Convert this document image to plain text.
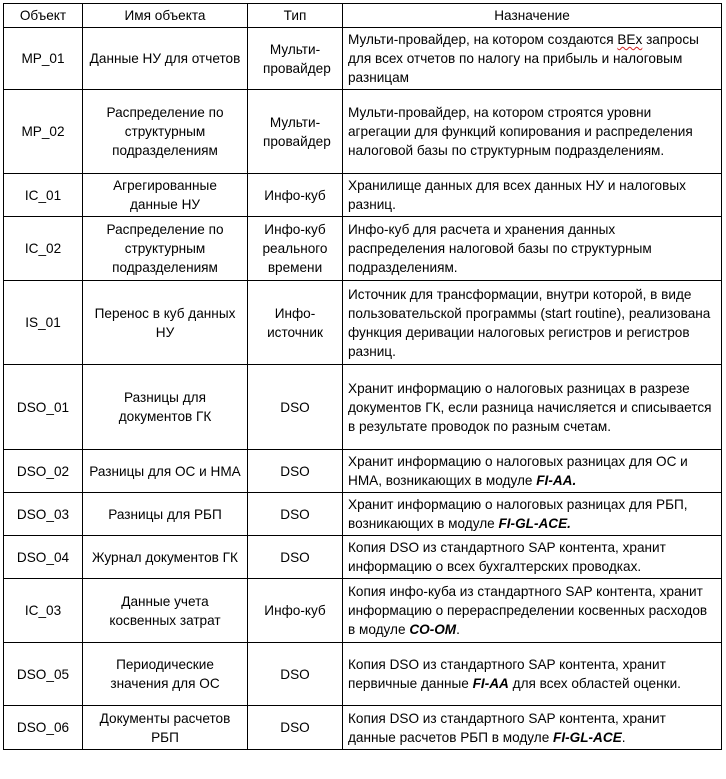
Объект	Имя объекта	Тип	Назначение
MP_01	Данные НУ для отчетов	Мульти-провайдер	Мульти-провайдер, на котором создаются BEx запросы для всех отчетов по налогу на прибыль и налоговым разницам
MP_02	Распределение по структурным подразделениям	Мульти-провайдер	Мульти-провайдер, на котором строятся уровни агрегации для функций копирования и распределения налоговой базы по структурным подразделениям.
IC_01	Агрегированные данные НУ	Инфо-куб	Хранилище данных для всех данных НУ и налоговых разниц.
IC_02	Распределение по структурным подразделениям	Инфо-куб реального времени	Инфо-куб для расчета и хранения данных распределения налоговой базы по структурным подразделениям.
IS_01	Перенос в куб данных НУ	Инфо-источник	Источник для трансформации, внутри которой, в виде пользовательской программы (start routine), реализована функция деривации налоговых регистров и регистров разниц.
DSO_01	Разницы для документов ГК	DSO	Хранит информацию о налоговых разницах в разрезе документов ГК, если разница начисляется и списывается в результате проводок по разным счетам.
DSO_02	Разницы для ОС и НМА	DSO	Хранит информацию о налоговых разницах для ОС и НМА, возникающих в модуле FI-AA.
DSO_03	Разницы для РБП	DSO	Хранит информацию о налоговых разницах для РБП, возникающих в модуле FI-GL-ACE.
DSO_04	Журнал документов ГК	DSO	Копия DSO из стандартного SAP контента, хранит информацию о всех бухгалтерских проводках.
IC_03	Данные учета косвенных затрат	Инфо-куб	Копия инфо-куба из стандартного SAP контента, хранит информацию о перераспределении косвенных расходов в модуле CO-OM.
DSO_05	Периодические значения для ОС	DSO	Копия DSO из стандартного SAP контента, хранит первичные данные FI-AA для всех областей оценки.
DSO_06	Документы расчетов РБП	DSO	Копия DSO из стандартного SAP контента, хранит данные расчетов РБП в модуле FI-GL-ACE.
